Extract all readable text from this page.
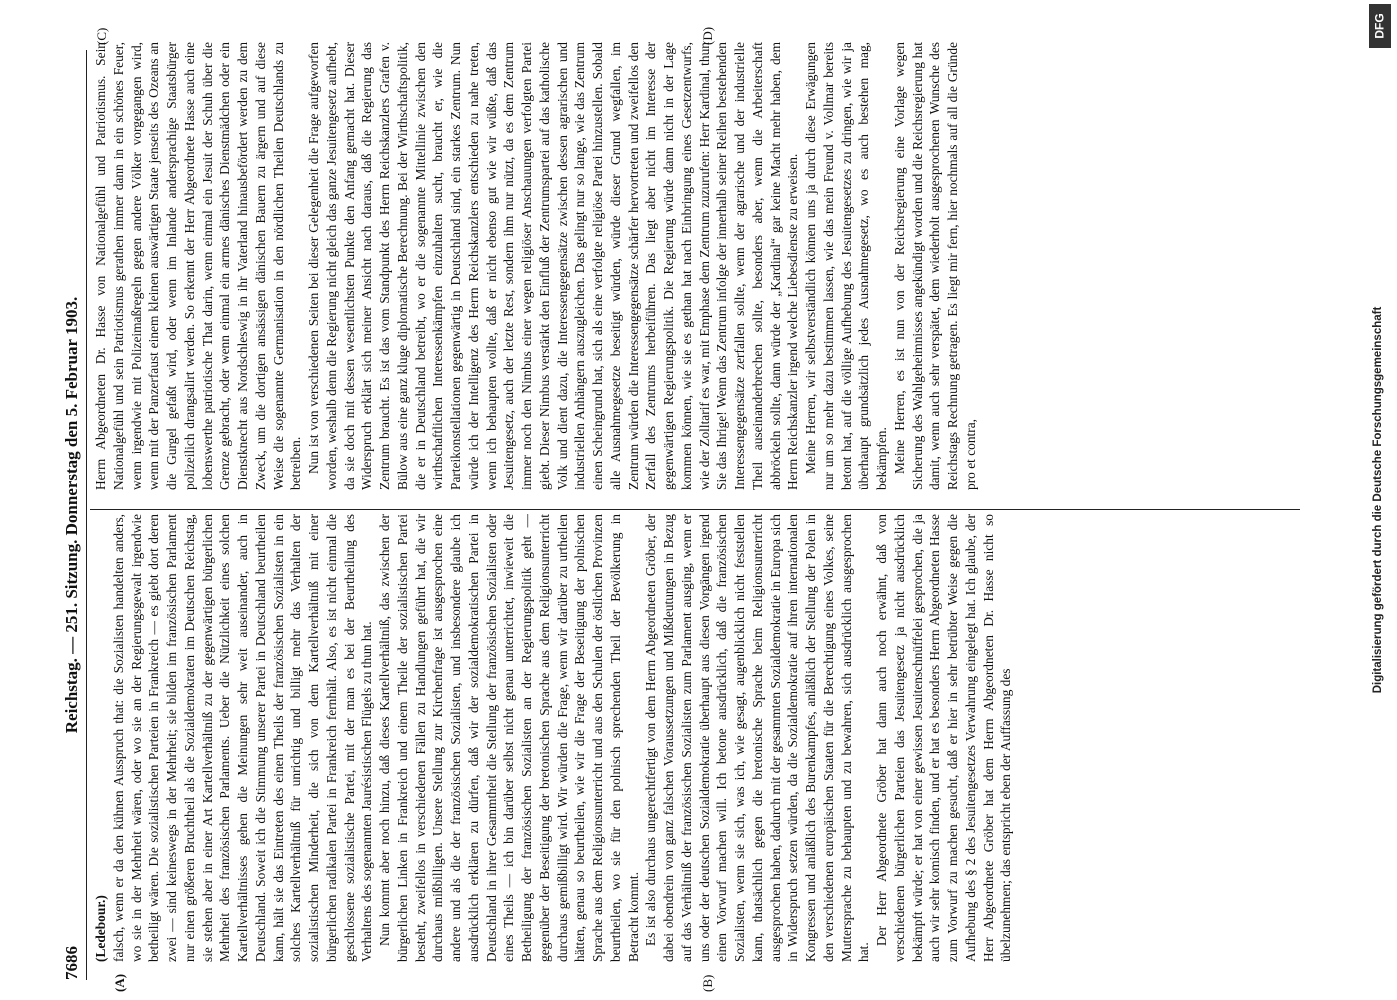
7686
Reichstag. — 251. Sitzung. Donnerstag den 5. Februar 1903.
(A)	(B)
(C)	(D)

(Ledebour.) falsch, wenn er da den kühnen Ausspruch that: die Sozialisten handelten anders, wo sie in der Mehrheit wären, oder wo sie an der Regierungsgewalt irgendwie betheiligt wären. Die sozialistischen Parteien in Frankreich — es giebt dort deren zwei — sind keineswegs in der Mehrheit; sie bilden im französischen Parlament nur einen größeren Bruchtheil als die Sozialdemokraten im Deutschen Reichstag, sie stehen aber in einer Art Kartellverhältniß zu der gegenwärtigen bürgerlichen Mehrheit des französischen Parlaments. Ueber die Nützlichkeit eines solchen Kartellverhältnisses gehen die Meinungen sehr weit auseinander, auch in Deutschland. Soweit ich die Stimmung unserer Partei in Deutschland beurtheilen kann, hält sie das Eintreten des einen Theils der französischen Sozialisten in ein solches Kartellverhältniß für unrichtig und billigt mehr das Verhalten der sozialistischen Minderheit, die sich von dem Kartellverhältniß mit einer bürgerlichen radikalen Partei in Frankreich fernhält. Also, es ist nicht einmal die geschlossene sozialistische Partei, mit der man es bei der Beurtheilung des Verhaltens des sogenannten Jaurésistischen Flügels zu thun hat. Nun kommt aber noch hinzu, daß dieses Kartellverhältniß, das zwischen der bürgerlichen Linken in Frankreich und einem Theile der sozialistischen Partei besteht, zweifellos in verschiedenen Fällen zu Handlungen geführt hat, die wir durchaus mißbilligen. Unsere Stellung zur Kirchenfrage ist ausgesprochen eine andere und als die der französischen Sozialisten, und insbesondere glaube ich ausdrücklich erklären zu dürfen, daß wir der sozialdemokratischen Partei in Deutschland in ihrer Gesammtheit die Stellung der französischen Sozialisten oder eines Theils — ich bin darüber selbst nicht genau unterrichtet, inwieweit die Betheiligung der französischen Sozialisten an der Regierungspolitik geht — gegenüber der Beseitigung der bretonischen Sprache aus dem Religionsunterricht durchaus gemißbilligt wird. Wir würden die Frage, wenn wir darüber zu urtheilen hätten, genau so beurtheilen, wie wir die Frage der Beseitigung der polnischen Sprache aus dem Religionsunterricht und aus den Schulen der östlichen Provinzen beurtheilen, wo sie für den polnisch sprechenden Theil der Bevölkerung in Betracht kommt. Es ist also durchaus ungerechtfertigt von dem Herrn Abgeordneten Gröber, der dabei obendrein von ganz falschen Voraussetzungen und Mißdeutungen in Bezug auf das Verhältniß der französischen Sozialisten zum Parlament ausging, wenn er uns oder der deutschen Sozialdemokratie überhaupt aus diesen Vorgängen irgend einen Vorwurf machen will. Ich betone ausdrücklich, daß die französischen Sozialisten, wenn sie sich, was ich, wie gesagt, augenblicklich nicht feststellen kann, thatsächlich gegen die bretonische Sprache beim Religionsunterricht ausgesprochen haben, dadurch mit der gesammten Sozialdemokratie in Europa sich in Widerspruch setzen würden, da die Sozialdemokratie auf ihren internationalen Kongressen und anläßlich des Burenkampfes, anläßlich der Stellung der Polen in den verschiedenen europäischen Staaten für die Berechtigung eines Volkes, seine Muttersprache zu behaupten und zu bewahren, sich ausdrücklich ausgesprochen hat.

Der Herr Abgeordnete Gröber hat dann auch noch erwähnt, daß von verschiedenen bürgerlichen Parteien das Jesuitengesetz ja nicht ausdrücklich bekämpft würde; er hat von einer gewissen Jesuitenschnüffelei gesprochen, die ja auch wir sehr komisch finden, und er hat es besonders Herrn Abgeordneten Hasse zum Vorwurf zu machen gesucht, daß er hier in sehr betrübter Weise gegen die Aufhebung des § 2 des Jesuitengesetzes Verwahrung eingelegt hat. Ich glaube, der Herr Abgeordnete Gröber hat dem Herrn Abgeordneten Dr. Hasse nicht so übelzunehmen; das entspricht eben der Auffassung des

Herrn Abgeordneten Dr. Hasse von Nationalgefühl und Patriotismus. Sein Nationalgefühl und sein Patriotismus gerathen immer dann in ein schönes Feuer, wenn irgendwie mit Polizeimaßregeln gegen andere Völker vorgegangen wird, wenn mit der Panzerfaust einem kleinen auswärtigen Staate jenseits des Ozeans an die Gurgel gefaßt wird, oder wenn im Inlande andersprachige Staatsbürger polizeilich drangsalirt werden. So erkennt der Herr Abgeordnete Hasse auch eine lobenswerthe patriotische That darin, wenn einmal ein Jesuit der Schuh über die Grenze gebracht, oder wenn einmal ein armes dänisches Dienstmädchen oder ein Dienstknecht aus Nordschleswig in ihr Vaterland hinausbefördert werden zu dem Zweck, um die dortigen ansässigen dänischen Bauern zu ärgern und auf diese Weise die sogenannte Germanisation in den nördlichen Theilen Deutschlands zu betreiben. Nun ist von verschiedenen Seiten bei dieser Gelegenheit die Frage aufgeworfen worden, weshalb denn die Regierung nicht gleich das ganze Jesuitengesetz aufhebt, da sie doch mit dessen wesentlichsten Punkte den Anfang gemacht hat. Dieser Widerspruch erklärt sich meiner Ansicht nach daraus, daß die Regierung das Zentrum braucht. Es ist das vom Standpunkt des Herrn Reichskanzlers Grafen v. Bülow aus eine ganz kluge diplomatische Berechnung. Bei der Wirthschaftspolitik, die er in Deutschland betreibt, wo er die sogenannte Mittellinie zwischen den wirthschaftlichen Interessenkämpfen einzuhalten sucht, braucht er, wie die Parteikonstellationen gegenwärtig in Deutschland sind, ein starkes Zentrum. Nun würde ich der Intelligenz des Herrn Reichskanzlers entschieden zu nahe treten, wenn ich behaupten wollte, daß er nicht ebenso gut wie wir wüßte, daß das Jesuitengesetz, auch der letzte Rest, sondern ihm nur nützt, da es dem Zentrum immer noch den Nimbus einer wegen religiöser Anschauungen verfolgten Partei giebt. Dieser Nimbus verstärkt den Einfluß der Zentrumspartei auf das katholische Volk und dient dazu, die Interessengegensätze zwischen dessen agrarischen und industriellen Anhängern auszugleichen. Das gelingt nur so lange, wie das Zentrum einen Scheingrund hat, sich als eine verfolgte religiöse Partei hinzustellen. Sobald alle Ausnahmegesetze beseitigt würden, würde dieser Grund wegfallen, im Zentrum würden die Interessengegensätze schärfer hervortreten und zweifellos den Zerfall des Zentrums herbeiführen. Das liegt aber nicht im Interesse der gegenwärtigen Regierungspolitik. Die Regierung würde dann nicht in der Lage kommen können, wie sie es gethan hat nach Einbringung eines Gesetzentwurfs, wie der Zolltarif es war, mit Emphase dem Zentrum zuzurufen: Herr Kardinal, thun Sie das Ihrige! Wenn das Zentrum infolge der innerhalb seiner Reihen bestehenden Interessengegensätze zerfallen sollte, wenn der agrarische und der industrielle Theil auseinanderbrechen sollte, besonders aber, wenn die Arbeiterschaft abbröckeln sollte, dann würde der „Kardinal“ gar keine Macht mehr haben, dem Herrn Reichskanzler irgend welche Liebesdienste zu erweisen. Meine Herren, wir selbstverständlich können uns ja durch diese Erwägungen nur um so mehr dazu bestimmen lassen, wie das mein Freund v. Vollmar bereits betont hat, auf die völlige Aufhebung des Jesuitengesetzes zu dringen, wie wir ja überhaupt grundsätzlich jedes Ausnahmegesetz, wo es auch bestehen mag, bekämpfen. Meine Herren, es ist nun von der Reichsregierung eine Vorlage wegen Sicherung des Wahlgeheimnisses angekündigt worden und die Reichsregierung hat damit, wenn auch sehr verspätet, dem wiederholt ausgesprochenen Wunsche des Reichstags Rechnung getragen. Es liegt mir fern, hier nochmals auf all die Gründe pro et contra,	Digitalisierung gefördert durch die Deutsche Forschungsgemeinschaft
DFG
